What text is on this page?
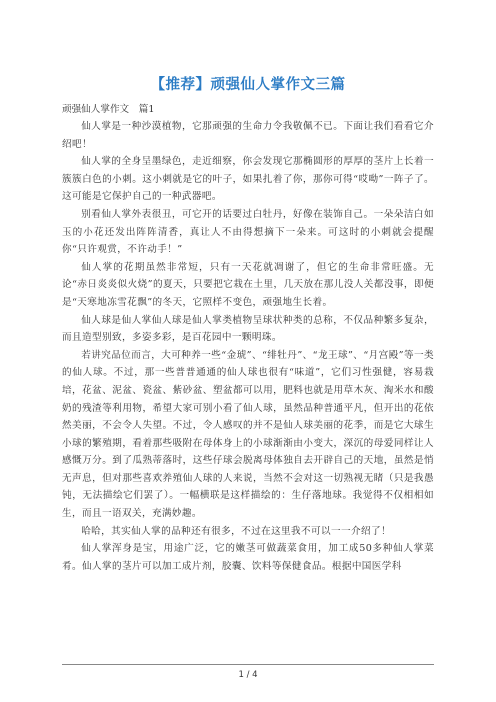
【推荐】顽强仙人掌作文三篇
顽强仙人掌作文　篇1

仙人掌是一种沙漠植物，它那顽强的生命力令我敬佩不已。下面让我们看看它介绍吧！

仙人掌的全身呈墨绿色，走近细察，你会发现它那椭圆形的厚厚的茎片上长着一簇簇白色的小刺。这小刺就是它的叶子，如果扎着了你，那你可得“哎呦”一阵子了。这可能是它保护自己的一种武器吧。

别看仙人掌外表很丑，可它开的话要过白牡丹，好像在装饰自己。一朵朵洁白如玉的小花还发出阵阵清香，真让人不由得想摘下一朵来。可这时的小刺就会提醒你“只许观赏，不许动手！”

仙人掌的花期虽然非常短，只有一天花就凋谢了，但它的生命非常旺盛。无论“赤日炎炎似火烧”的夏天，只要把它栽在土里，几天放在那儿没人关都没事，即便是“天寒地冻雪花飘”的冬天，它照样不变色，顽强地生长着。

仙人球是仙人掌仙人球是仙人掌类植物呈球状种类的总称，不仅品种繁多复杂，而且造型别致，多姿多彩，是百花园中一颗明珠。

若讲究品位而言，大可种养一些“金琥”、“绯牡丹”、“龙王球”、“月宫殿”等一类的仙人球。不过，那一些普普通通的仙人球也很有“味道”，它们习性强健，容易栽培，花盆、泥盆、瓷盆、紫砂盆、塑盆都可以用，肥料也就是用草木灰、淘米水和酸奶的残渣等利用物，希望大家可别小看了仙人球，虽然品种普通平凡，但开出的花依然美丽，不会令人失望。不过，令人感叹的并不是仙人球美丽的花季，而是它大球生小球的繁殖期，看着那些吸附在母体身上的小球渐渐由小变大，深沉的母爱同样让人感慨万分。到了瓜熟蒂落时，这些仔球会脱离母体独自去开辟自己的天地，虽然是悄无声息，但对那些喜欢养殖仙人球的人来说，当然不会对这一切熟视无睹（只是我愚钝，无法描绘它们罢了）。一幅横联是这样描绘的：生仔落地球。我觉得不仅相相如生，而且一语双关，充满妙趣。

哈哈，其实仙人掌的品种还有很多，不过在这里我不可以一一介绍了！

仙人掌浑身是宝，用途广泛，它的嫩茎可做蔬菜食用，加工成50多种仙人掌菜肴。仙人掌的茎片可以加工成片剂，胶囊、饮料等保健食品。根据中国医学科

1 / 4
